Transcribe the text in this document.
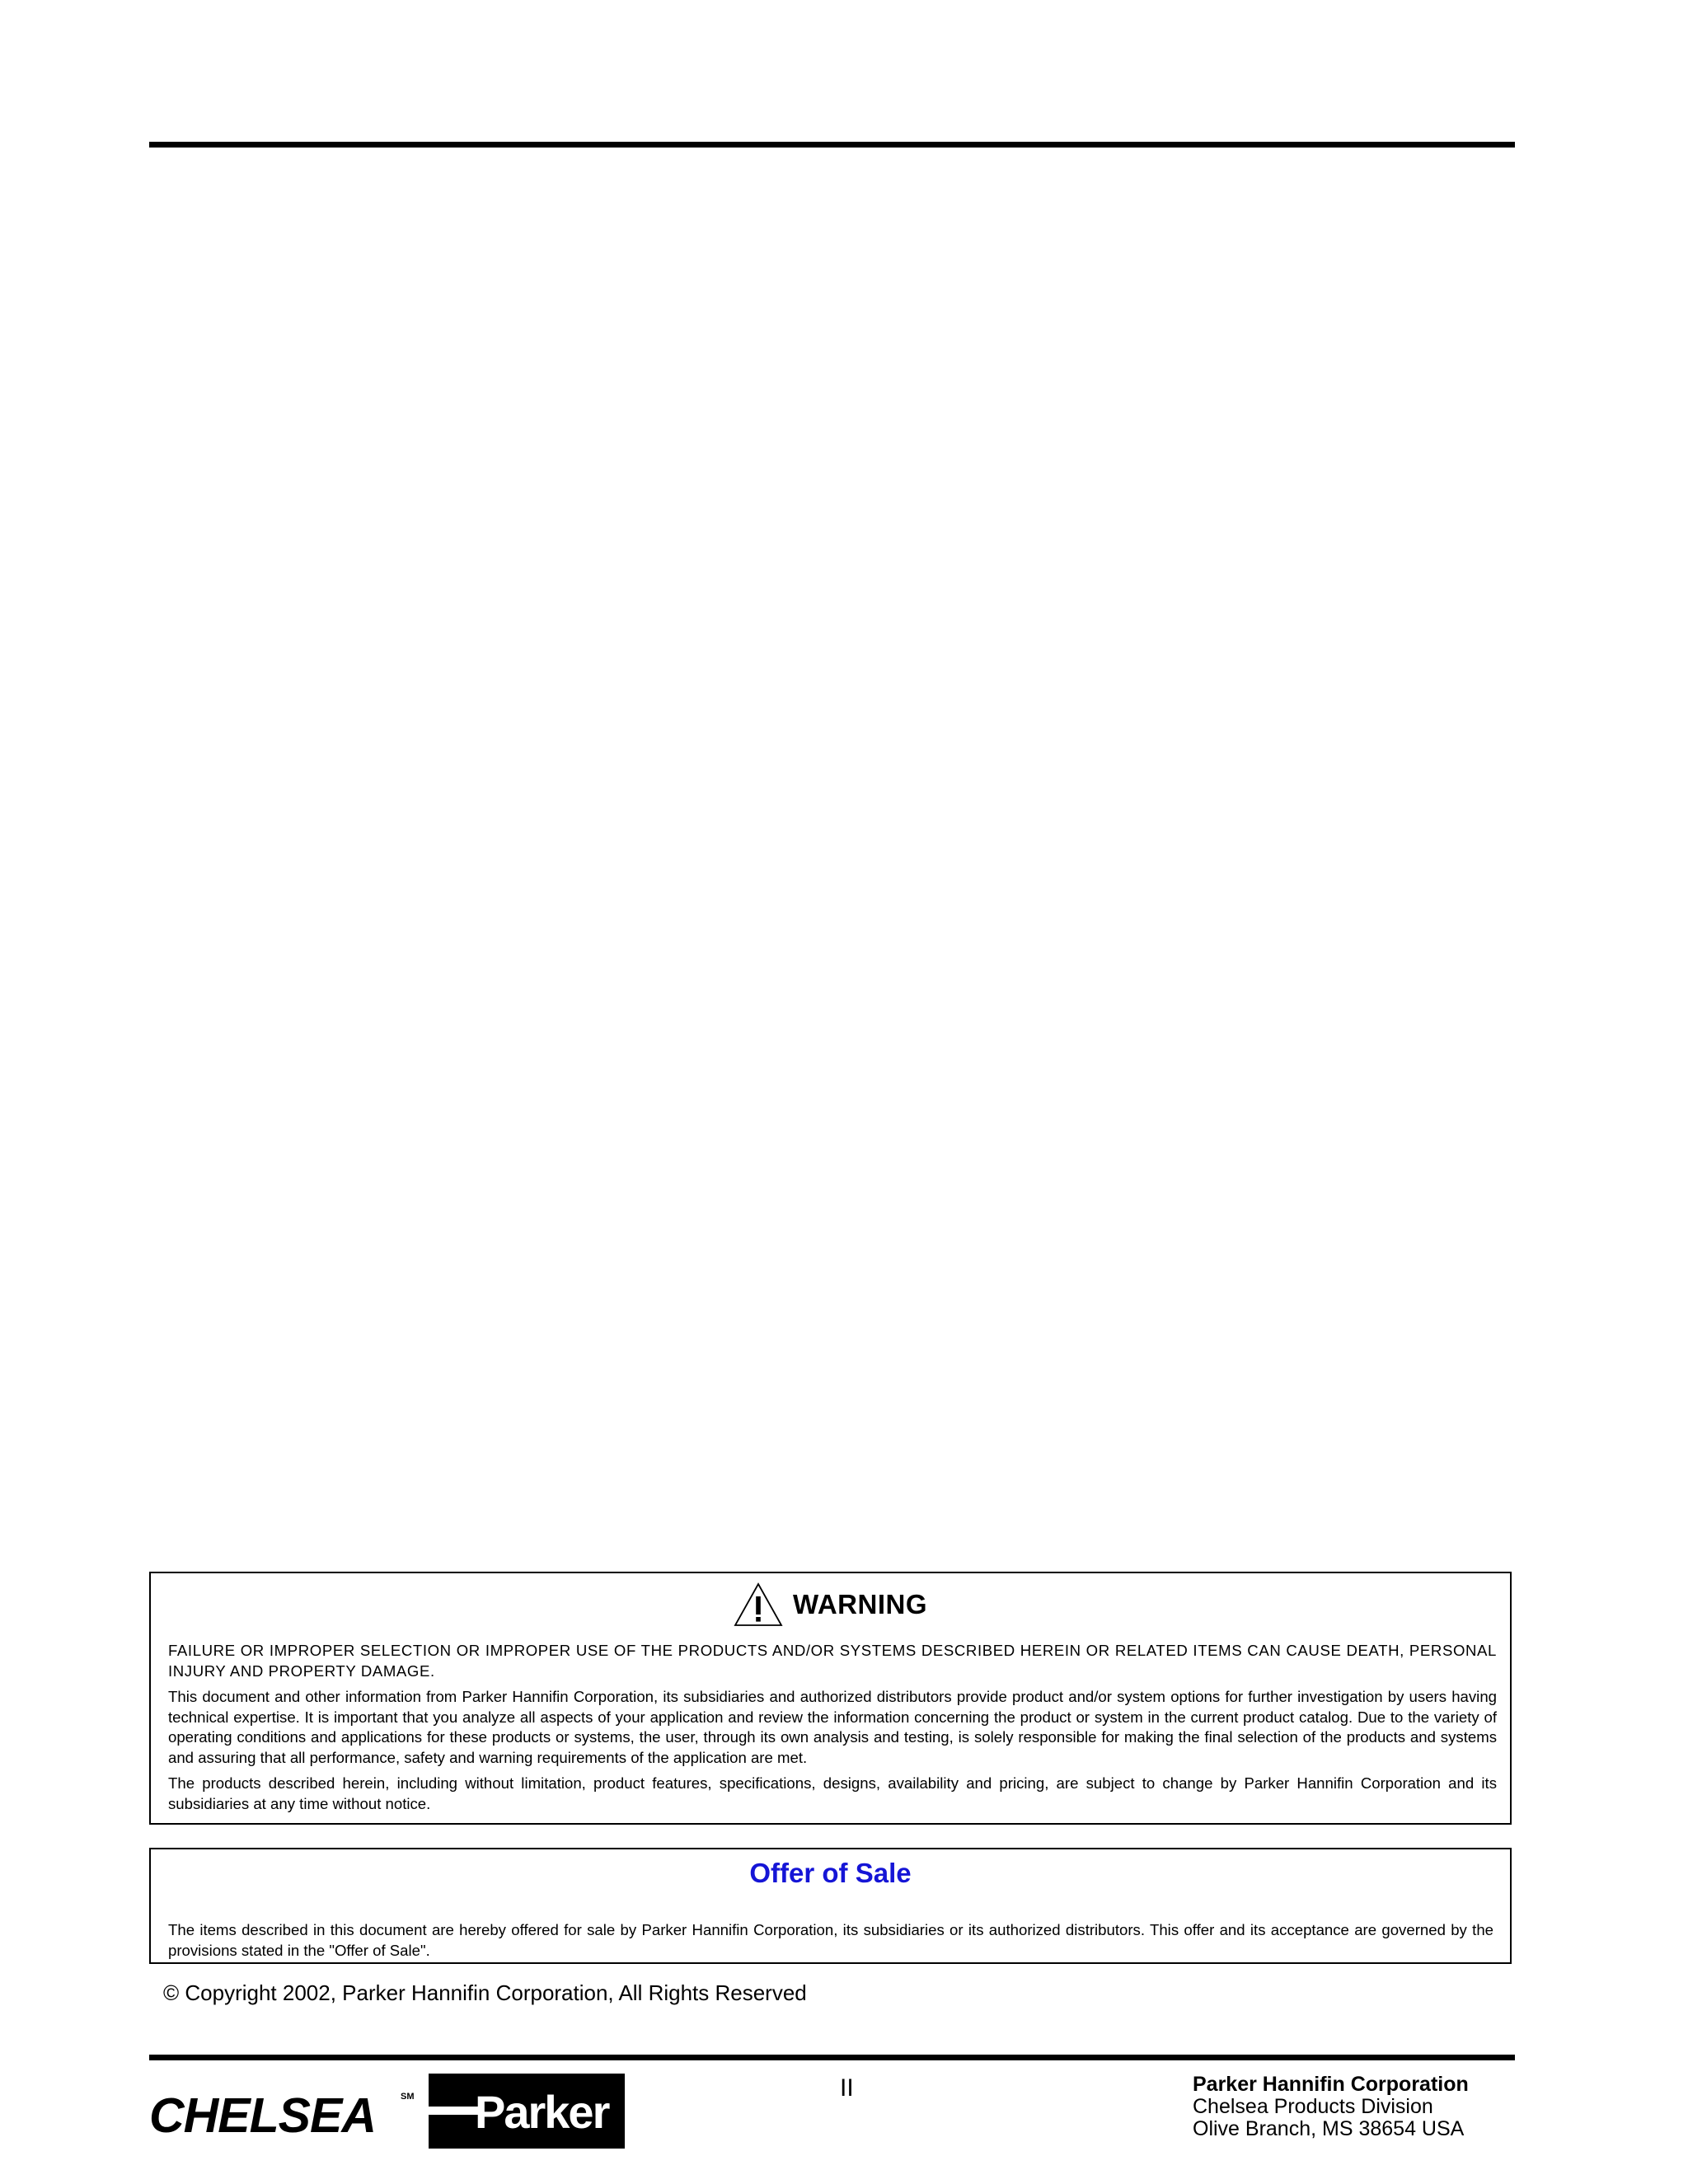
WARNING

FAILURE OR IMPROPER SELECTION OR IMPROPER USE OF THE PRODUCTS AND/OR SYSTEMS DESCRIBED HEREIN OR RELATED ITEMS CAN CAUSE DEATH, PERSONAL INJURY AND PROPERTY DAMAGE.

This document and other information from Parker Hannifin Corporation, its subsidiaries and authorized distributors provide product and/or system options for further investigation by users having technical expertise. It is important that you analyze all aspects of your application and review the information concerning the product or system in the current product catalog. Due to the variety of operating conditions and applications for these products or systems, the user, through its own analysis and testing, is solely responsible for making the final selection of the products and systems and assuring that all performance, safety and warning requirements of the application are met.

The products described herein, including without limitation, product features, specifications, designs, availability and pricing, are subject to change by Parker Hannifin Corporation and its subsidiaries at any time without notice.

Offer of Sale

The items described in this document are hereby offered for sale by Parker Hannifin Corporation, its subsidiaries or its authorized distributors. This offer and its acceptance are governed by the provisions stated in the "Offer of Sale".

© Copyright 2002, Parker Hannifin Corporation, All Rights Reserved
CHELSEA	SM Parker	II	Parker Hannifin Corporation
Chelsea Products Division
Olive Branch, MS 38654 USA
